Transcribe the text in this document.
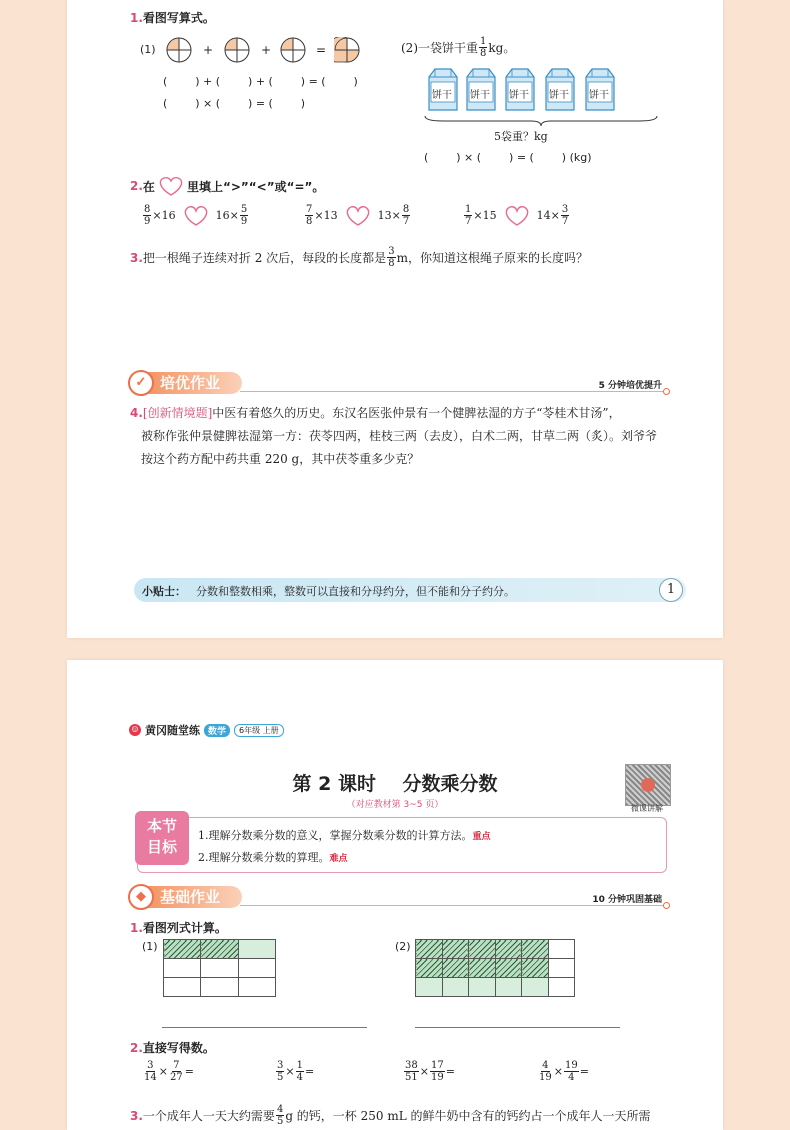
1.看图写算式。
(1)	+	+	=
(        ) + (        ) + (        ) = (        )
(        ) × (        ) = (        )
(2)一袋饼干重 $\frac{1}{8}$ kg。
饼干 饼干 饼干 饼干 饼干
5袋重？kg
(        ) × (        ) = (        ) (kg)
2. 在	里填上“>”“<”或“=”。
$\frac{8}{9} \times 16$	$16\times \frac{5}{9}$	$\frac{7}{8} \times 13$	$13\times \frac{8}{7}$	$\frac{1}{7} \times 15$	$14\times \frac{3}{7}$
3. 把一根绳子连续对折 2 次后，每段的长度都是 $\frac{3}{8}$ m，你知道这根绳子原来的长度吗？
培优作业
✓	5 分钟培优提升
4.[创新情境题]中医有着悠久的历史。东汉名医张仲景有一个健脾祛湿的方子“苓桂术甘汤”，
被称作张仲景健脾祛湿第一方：茯苓四两，桂枝三两（去皮），白术二两，甘草二两（炙）。刘爷爷
按这个药方配中药共重 220 g，其中茯苓重多少克？
小贴士： 分数和整数相乘，整数可以直接和分母约分，但不能和分子约分。	1
☺ 黄冈随堂练 数学	6年级 上册
第 2 课时    分数乘分数
（对应教材第 3~5 页）	微课讲解
本节
目标
1.理解分数乘分数的意义，掌握分数乘分数的计算方法。重点
2.理解分数乘分数的算理。难点
基础作业
◆	10 分钟巩固基础
1.看图列式计算。
(1)

			(2)

2.直接写得数。
$\frac{3}{14} \times \frac{7}{27}$ =	$\frac{3}{5} \times \frac{1}{4}$ =	$\frac{38}{51} \times \frac{17}{19}$ =	$\frac{4}{19} \times \frac{19}{4}$ =
3. 一个成年人一天大约需要 $\frac{4}{5}$ g 的钙，一杯 250 mL 的鲜牛奶中含有的钙约占一个成年人一天所需
